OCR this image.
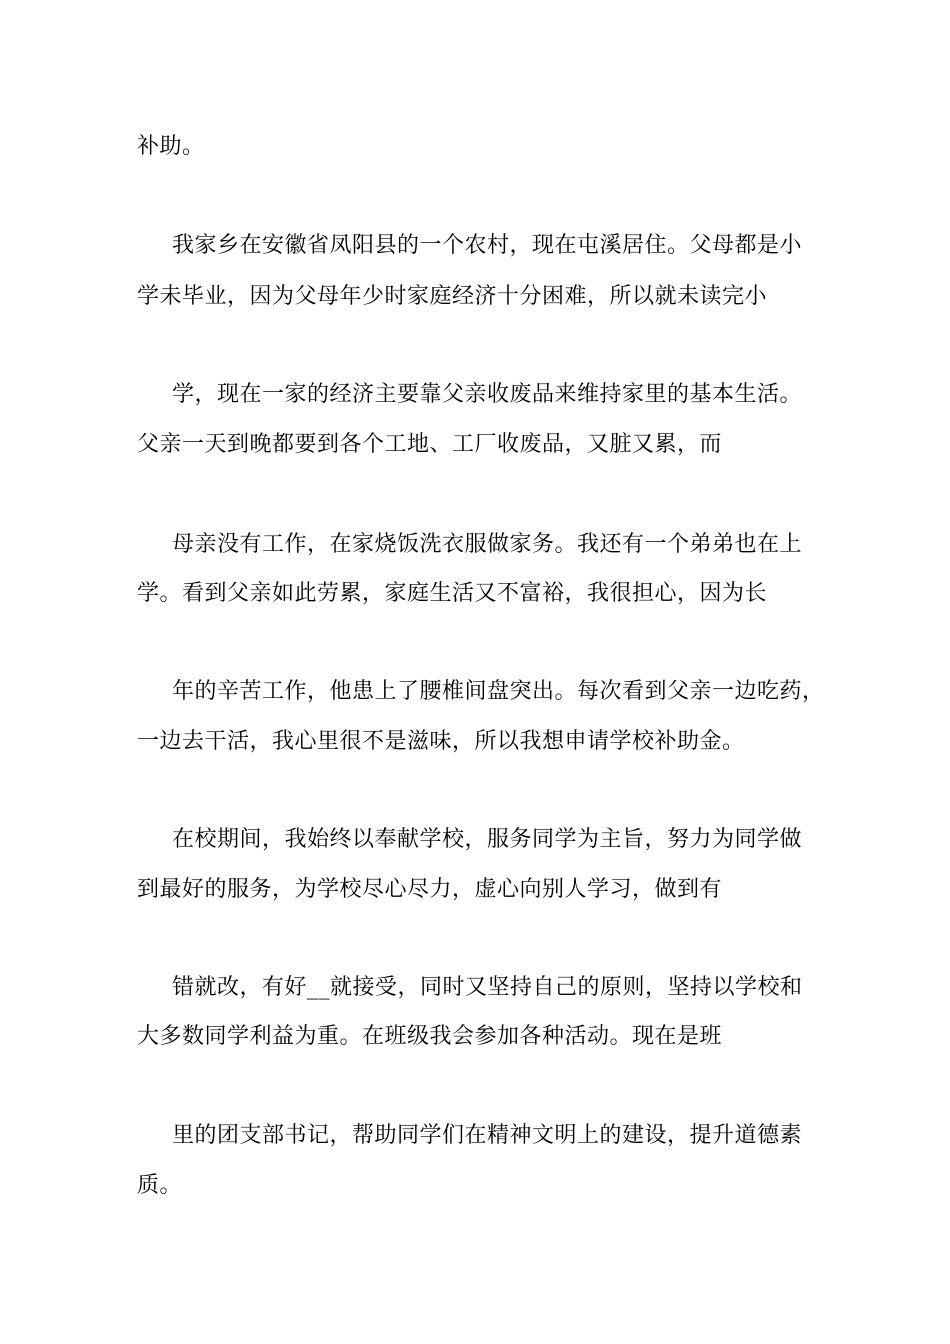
补助。
我家乡在安徽省凤阳县的一个农村，现在屯溪居住。父母都是小
学未毕业，因为父母年少时家庭经济十分困难，所以就未读完小
学，现在一家的经济主要靠父亲收废品来维持家里的基本生活。
父亲一天到晚都要到各个工地、工厂收废品，又脏又累，而
母亲没有工作，在家烧饭洗衣服做家务。我还有一个弟弟也在上
学。看到父亲如此劳累，家庭生活又不富裕，我很担心，因为长
年的辛苦工作，他患上了腰椎间盘突出。每次看到父亲一边吃药，
一边去干活，我心里很不是滋味，所以我想申请学校补助金。
在校期间，我始终以奉献学校，服务同学为主旨，努力为同学做
到最好的服务，为学校尽心尽力，虚心向别人学习，做到有
错就改，有好__就接受，同时又坚持自己的原则，坚持以学校和
大多数同学利益为重。在班级我会参加各种活动。现在是班
里的团支部书记，帮助同学们在精神文明上的建设，提升道德素
质。
